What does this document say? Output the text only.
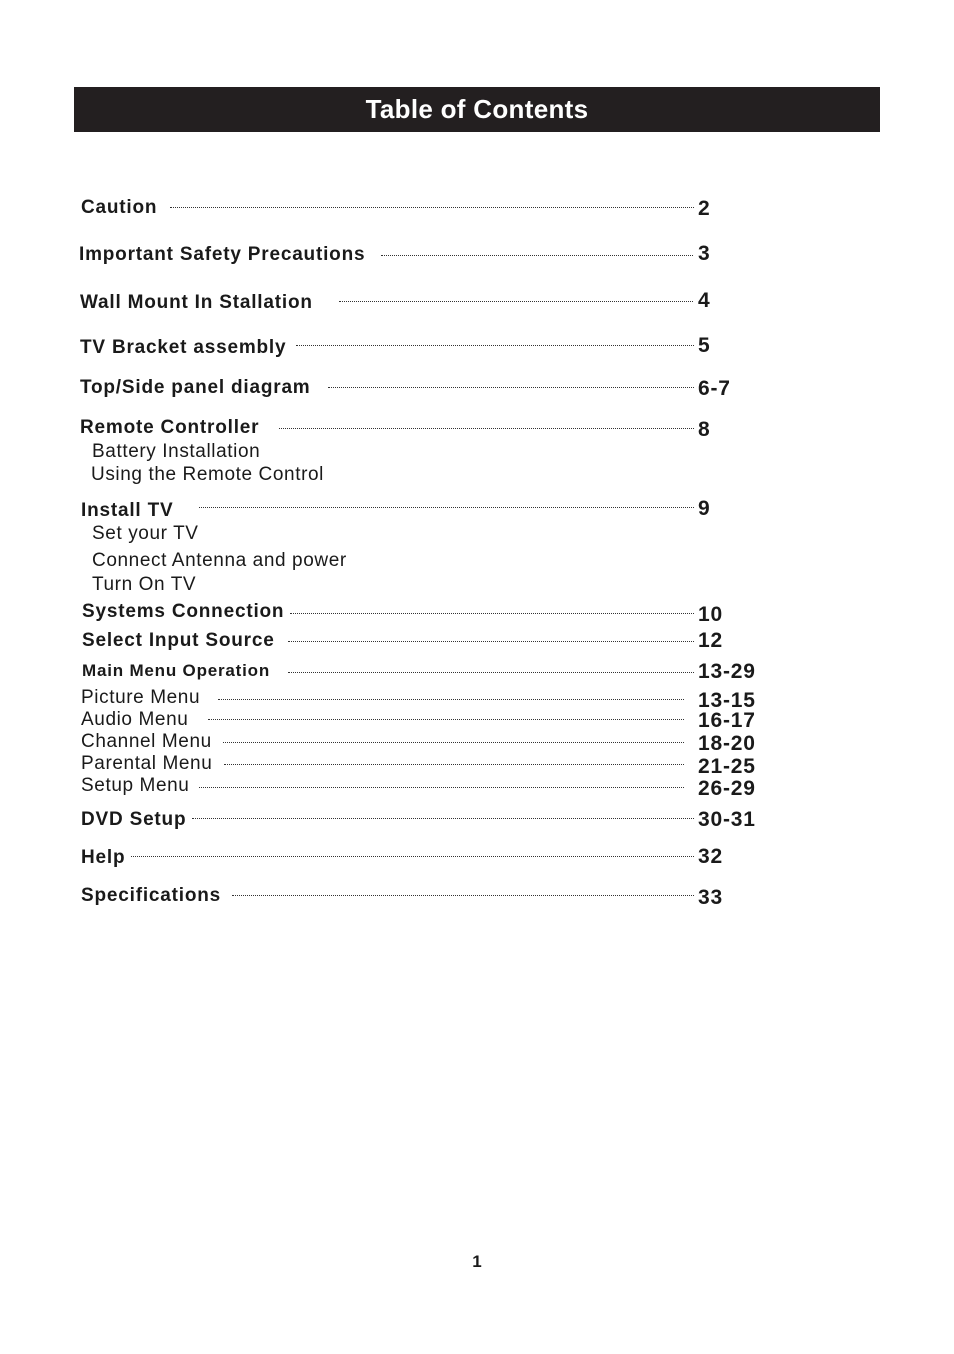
Table of Contents
Caution	2
Important Safety Precautions	3
Wall Mount In Stallation	4
TV Bracket assembly	5
Top/Side panel diagram	6-7
Remote Controller	8
Battery Installation
Using the Remote Control
Install TV	9
Set your TV
Connect Antenna and power
Turn On TV
Systems Connection	10
Select Input Source	12
Main Menu Operation	13-29
Picture Menu	13-15
Audio Menu	16-17
Channel Menu	18-20
Parental Menu	21-25
Setup Menu	26-29
DVD Setup	30-31
Help	32
Specifications	33
1
